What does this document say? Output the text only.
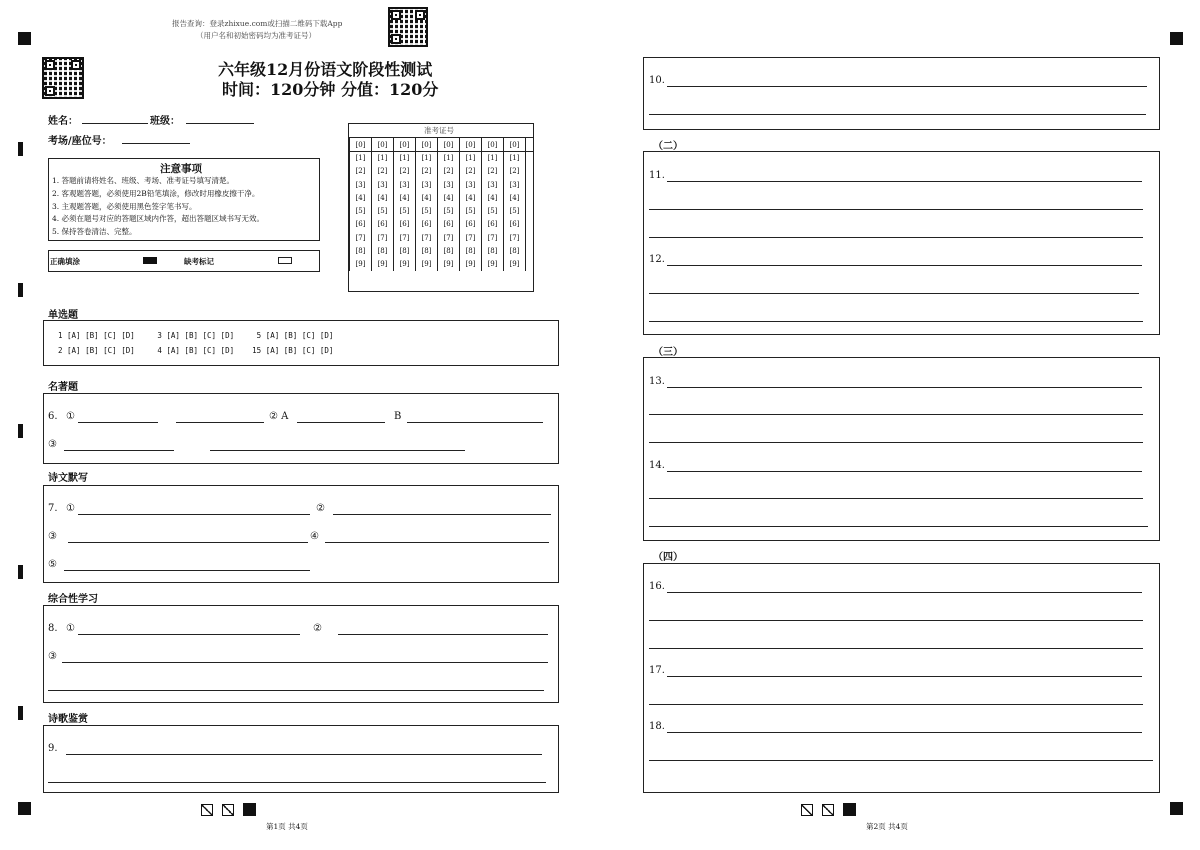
报告查询：登录zhixue.com或扫描二维码下载App
（用户名和初始密码均为准考证号）
六年级12月份语文阶段性测试
时间：120分钟 分值：120分
姓名：	班级：
考场/座位号：
注意事项
1. 答题前请将姓名、班级、考场、准考证号填写清楚。
2. 客观题答题，必须使用2B铅笔填涂，修改时用橡皮擦干净。
3. 主观题答题，必须使用黑色签字笔书写。
4. 必须在题号对应的答题区域内作答，超出答题区域书写无效。
5. 保持答卷清洁、完整。
正确填涂	缺考标记
准考证号
[0]	[0]	[0]	[0]	[0]	[0]	[0]	[0]
[1]	[1]	[1]	[1]	[1]	[1]	[1]	[1]
[2]	[2]	[2]	[2]	[2]	[2]	[2]	[2]
[3]	[3]	[3]	[3]	[3]	[3]	[3]	[3]
[4]	[4]	[4]	[4]	[4]	[4]	[4]	[4]
[5]	[5]	[5]	[5]	[5]	[5]	[5]	[5]
[6]	[6]	[6]	[6]	[6]	[6]	[6]	[6]
[7]	[7]	[7]	[7]	[7]	[7]	[7]	[7]
[8]	[8]	[8]	[8]	[8]	[8]	[8]	[8]
[9]	[9]	[9]	[9]	[9]	[9]	[9]	[9]
单选题
1 [A] [B] [C] [D]     3 [A] [B] [C] [D]     5 [A] [B] [C] [D]
2 [A] [B] [C] [D]     4 [A] [B] [C] [D]    15 [A] [B] [C] [D]
名著题
6. ①	② A	B
③
诗文默写
7. ①	②
③	④
⑤
综合性学习
8. ①	②
③
诗歌鉴赏
9.
第1页 共4页
10.
（二）
11.
12.
（三）
13.
14.
（四）
16.
17.
18.
第2页 共4页
